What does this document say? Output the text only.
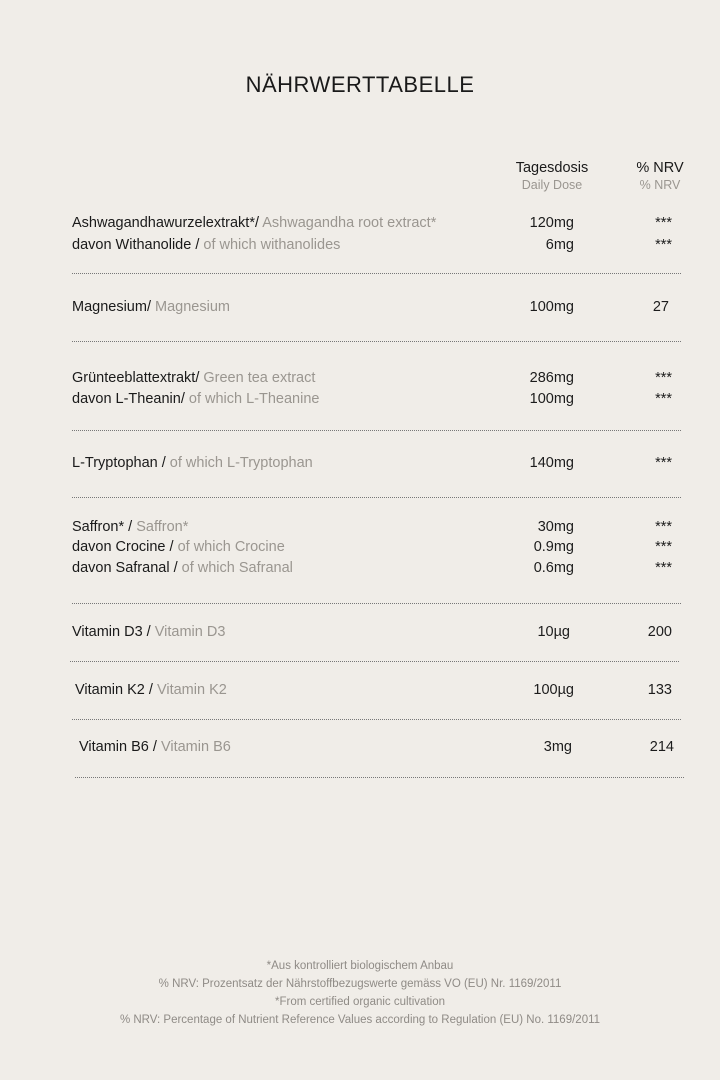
NÄHRWERTTABELLE
Tagesdosis
Daily Dose
% NRV
% NRV
Ashwagandhawurzelextrakt*/ Ashwagandha root extract*	120mg	***
davon Withanolide / of which withanolides	6mg	***
Magnesium/ Magnesium	100mg	27
Grünteeblattextrakt/ Green tea extract	286mg	***
davon L-Theanin/ of which L-Theanine	100mg	***
L-Tryptophan / of which L-Tryptophan	140mg	***
Saffron* / Saffron*	30mg	***
davon Crocine / of which Crocine	0.9mg	***
davon Safranal / of which Safranal	0.6mg	***
Vitamin D3 / Vitamin D3	10µg	200
Vitamin K2 / Vitamin K2	100µg	133
Vitamin B6 / Vitamin B6	3mg	214
*Aus kontrolliert biologischem Anbau
% NRV: Prozentsatz der Nährstoffbezugswerte gemäss VO (EU) Nr. 1169/2011
*From certified organic cultivation
% NRV: Percentage of Nutrient Reference Values according to Regulation (EU) No. 1169/2011
